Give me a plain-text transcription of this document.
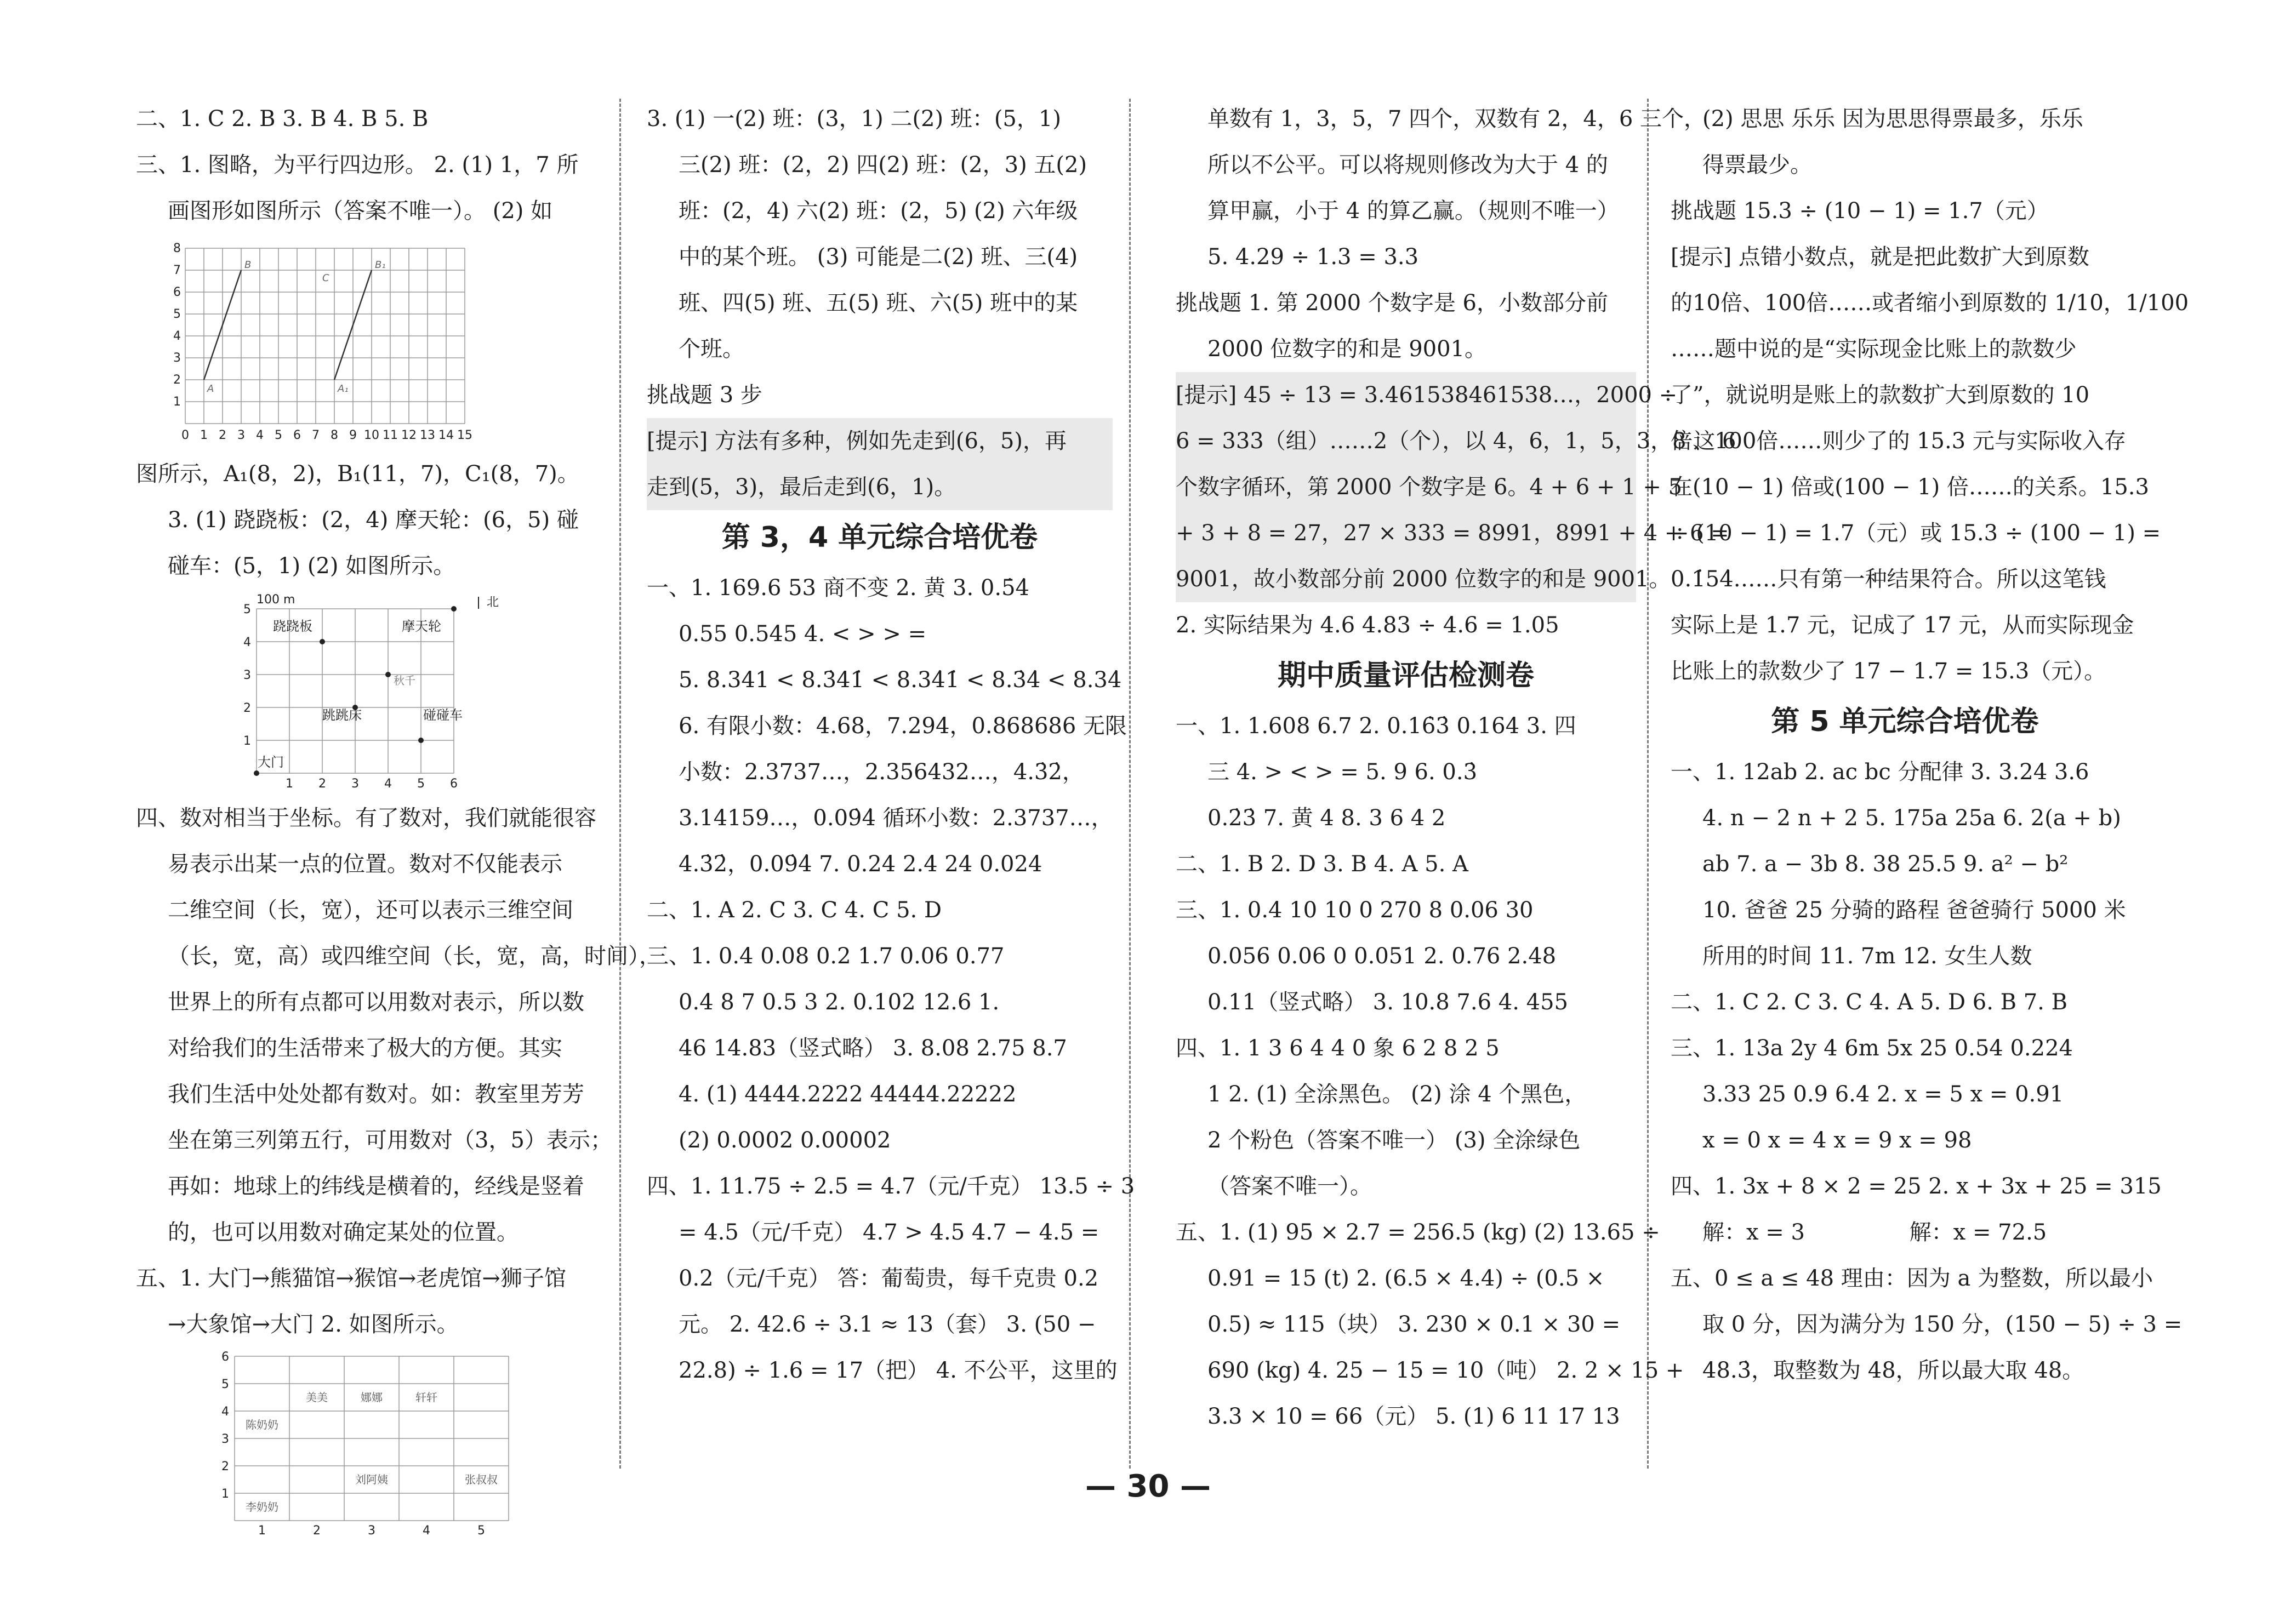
二、1. C 2. B 3. B 4. B 5. B
三、1. 图略，为平行四边形。 2. (1) 1，7 所
画图形如图所示（答案不唯一）。 (2) 如
1
2
3
4
5
6
7
8
0 1 2 3 4 5 6 7 8 9 10 11 12 13 14 15
A
B
C
A₁
B₁
图所示，A₁(8，2)，B₁(11，7)，C₁(8，7)。
3. (1) 跷跷板：(2，4) 摩天轮：(6，5) 碰
碰车：(5，1) (2) 如图所示。
100 m	北
1
2
3
4
5
1 2 3 4 5 6
跷跷板	摩天轮
秋千
跳跳床	碰碰车
大门
四、数对相当于坐标。有了数对，我们就能很容
易表示出某一点的位置。数对不仅能表示
二维空间（长，宽），还可以表示三维空间
（长，宽，高）或四维空间（长，宽，高，时间），
世界上的所有点都可以用数对表示，所以数
对给我们的生活带来了极大的方便。其实
我们生活中处处都有数对。如：教室里芳芳
坐在第三列第五行，可用数对（3，5）表示；
再如：地球上的纬线是横着的，经线是竖着
的，也可以用数对确定某处的位置。
五、1. 大门→熊猫馆→猴馆→老虎馆→狮子馆
→大象馆→大门 2. 如图所示。
1
2
3
4
5
6
1	2	3	4	5
美美	娜娜	轩轩
陈奶奶
刘阿姨	张叔叔
李奶奶
3. (1) 一(2) 班：(3，1) 二(2) 班：(5，1)
三(2) 班：(2，2) 四(2) 班：(2，3) 五(2)
班：(2，4) 六(2) 班：(2，5) (2) 六年级
中的某个班。 (3) 可能是二(2) 班、三(4)
班、四(5) 班、五(5) 班、六(5) 班中的某
个班。
挑战题 3 步
[提示] 方法有多种，例如先走到(6，5)，再
走到(5，3)，最后走到(6，1)。
第 3，4 单元综合培优卷
一、1. 169.6 53 商不变 2. 黄 3. 0.5̇4̇
0.55 0.545 4. < > > =
5. 8.341 < 8.3̇41̇ < 8.34̇1̇ < 8.3̇4̇ < 8.34̇
6. 有限小数：4.68，7.294，0.868686 无限
小数：2.3737…，2.356432…，4.3̇2̇，
3.14159…，0.09̇4̇ 循环小数：2.3737…，
4.3̇2̇，0.09̇4̇ 7. 0.24 2.4 24 0.024
二、1. A 2. C 3. C 4. C 5. D
三、1. 0.4 0.08 0.2 1.7 0.06 0.77
0.4 8 7 0.5 3 2. 0.102 12.6 1.
46 14.83（竖式略） 3. 8.08 2.75 8.7
4. (1) 4444.2222 44444.22222
(2) 0.0002 0.00002
四、1. 11.75 ÷ 2.5 = 4.7（元/千克） 13.5 ÷ 3
= 4.5（元/千克） 4.7 > 4.5 4.7 − 4.5 =
0.2（元/千克） 答：葡萄贵，每千克贵 0.2
元。 2. 42.6 ÷ 3.1 ≈ 13（套） 3. (50 −
22.8) ÷ 1.6 = 17（把） 4. 不公平，这里的
单数有 1，3，5，7 四个，双数有 2，4，6 三个，
所以不公平。可以将规则修改为大于 4 的
算甲赢，小于 4 的算乙赢。（规则不唯一）
5. 4.29 ÷ 1.3 = 3.3
挑战题 1. 第 2000 个数字是 6，小数部分前
2000 位数字的和是 9001。
[提示] 45 ÷ 13 = 3.461538461538…，2000 ÷
6 = 333（组）……2（个），以 4，6，1，5，3，8 这 6
个数字循环，第 2000 个数字是 6。4 + 6 + 1 + 5
+ 3 + 8 = 27，27 × 333 = 8991，8991 + 4 + 6 =
9001，故小数部分前 2000 位数字的和是 9001。
2. 实际结果为 4.6 4.83 ÷ 4.6 = 1.05
期中质量评估检测卷
一、1. 1.608 6.7 2. 0.16̇3̇ 0.164 3. 四
三 4. > < > = 5. 9 6. 0.3̇
0.2̇3̇ 7. 黄 4 8. 3 6 4 2
二、1. B 2. D 3. B 4. A 5. A
三、1. 0.4 10 10 0 270 8 0.06 30
0.056 0.06 0 0.051 2. 0.76 2.48
0.11（竖式略） 3. 10.8 7.6 4. 455
四、1. 1 3 6 4 4 0 象 6 2 8 2 5
1 2. (1) 全涂黑色。 (2) 涂 4 个黑色，
2 个粉色（答案不唯一） (3) 全涂绿色
（答案不唯一）。
五、1. (1) 95 × 2.7 = 256.5 (kg) (2) 13.65 ÷
0.91 = 15 (t) 2. (6.5 × 4.4) ÷ (0.5 ×
0.5) ≈ 115（块） 3. 230 × 0.1 × 30 =
690 (kg) 4. 25 − 15 = 10（吨） 2. 2 × 15 +
3.3 × 10 = 66（元） 5. (1) 6 11 17 13
(2) 思思 乐乐 因为思思得票最多，乐乐
得票最少。
挑战题 15.3 ÷ (10 − 1) = 1.7（元）
[提示] 点错小数点，就是把此数扩大到原数
的10倍、100倍……或者缩小到原数的 1/10，1/100
……题中说的是“实际现金比账上的款数少
了”，就说明是账上的款数扩大到原数的 10
倍、100倍……则少了的 15.3 元与实际收入存
在(10 − 1) 倍或(100 − 1) 倍……的关系。15.3
÷ (10 − 1) = 1.7（元）或 15.3 ÷ (100 − 1) =
0.1̇54̇……只有第一种结果符合。所以这笔钱
实际上是 1.7 元，记成了 17 元，从而实际现金
比账上的款数少了 17 − 1.7 = 15.3（元）。
第 5 单元综合培优卷
一、1. 12ab 2. ac bc 分配律 3. 3.24 3.6
4. n − 2 n + 2 5. 175a 25a 6. 2(a + b)
ab 7. a − 3b 8. 38 25.5 9. a² − b²
10. 爸爸 25 分骑的路程 爸爸骑行 5000 米
所用的时间 11. 7m 12. 女生人数
二、1. C 2. C 3. C 4. A 5. D 6. B 7. B
三、1. 13a 2y 4 6m 5x 25 0.54 0.224
3.33 25 0.9 6.4 2. x = 5 x = 0.91
x = 0 x = 4 x = 9 x = 98
四、1. 3x + 8 × 2 = 25 2. x + 3x + 25 = 315
解：x = 3               解：x = 72.5
五、0 ≤ a ≤ 48 理由：因为 a 为整数，所以最小
取 0 分，因为满分为 150 分，(150 − 5) ÷ 3 =
48.3̇，取整数为 48，所以最大取 48。
— 30 —
